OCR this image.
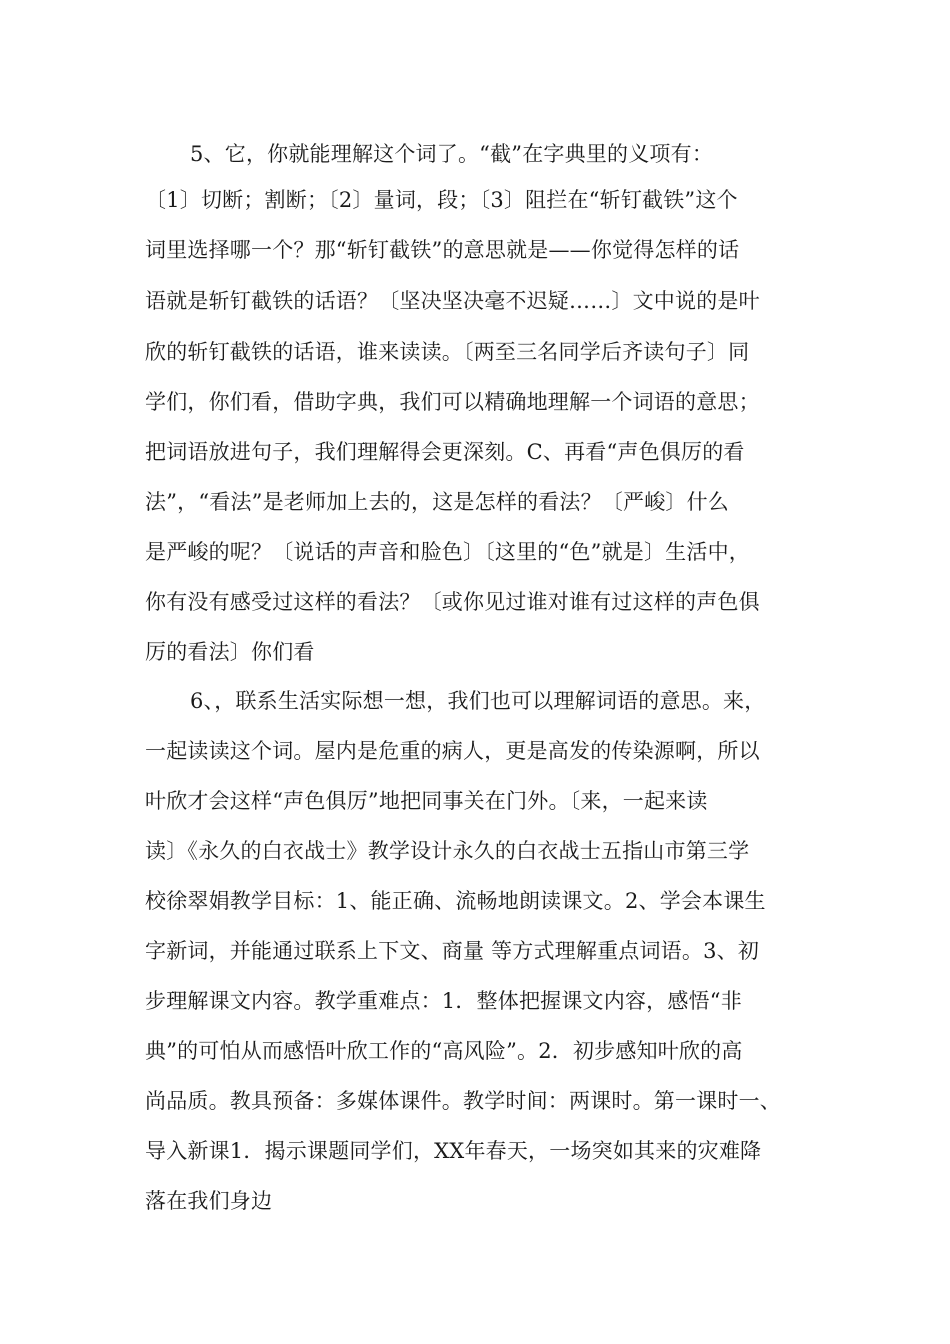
5、它，你就能理解这个词了。“截”在字典里的义项有：
〔1〕切断；割断；〔2〕量词，段；〔3〕阻拦在“斩钉截铁”这个
词里选择哪一个？那“斩钉截铁”的意思就是——你觉得怎样的话
语就是斩钉截铁的话语？〔坚决坚决毫不迟疑……〕文中说的是叶
欣的斩钉截铁的话语，谁来读读。〔两至三名同学后齐读句子〕同
学们，你们看，借助字典，我们可以精确地理解一个词语的意思；
把词语放进句子，我们理解得会更深刻。C、再看“声色俱厉的看
法”，“看法”是老师加上去的，这是怎样的看法？〔严峻〕什么
是严峻的呢？〔说话的声音和脸色〕〔这里的“色”就是〕生活中，
你有没有感受过这样的看法？〔或你见过谁对谁有过这样的声色俱
厉的看法〕你们看
6、，联系生活实际想一想，我们也可以理解词语的意思。来，
一起读读这个词。屋内是危重的病人，更是高发的传染源啊，所以
叶欣才会这样“声色俱厉”地把同事关在门外。〔来，一起来读
读〕《永久的白衣战士》教学设计永久的白衣战士五指山市第三学
校徐翠娟教学目标：1、能正确、流畅地朗读课文。2、学会本课生
字新词，并能通过联系上下文、商量 等方式理解重点词语。3、初
步理解课文内容。教学重难点：1．整体把握课文内容，感悟“非
典”的可怕从而感悟叶欣工作的“高风险”。2．初步感知叶欣的高
尚品质。教具预备：多媒体课件。教学时间：两课时。第一课时一、
导入新课1．揭示课题同学们，XX年春天，一场突如其来的灾难降
落在我们身边
